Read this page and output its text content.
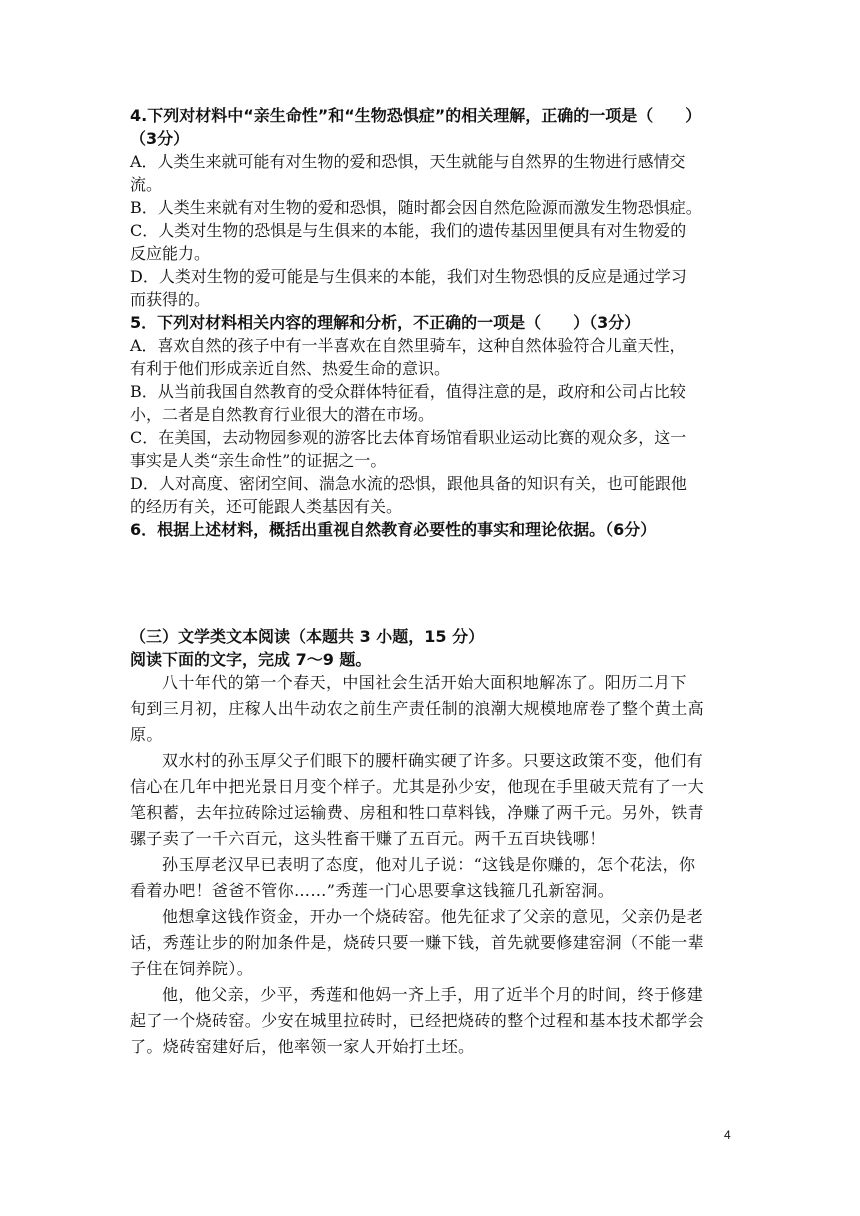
4.下列对材料中“亲生命性”和“生物恐惧症”的相关理解，正确的一项是（　　）
（3分）
A．人类生来就可能有对生物的爱和恐惧，天生就能与自然界的生物进行感情交
流。
B．人类生来就有对生物的爱和恐惧，随时都会因自然危险源而激发生物恐惧症。
C．人类对生物的恐惧是与生俱来的本能，我们的遗传基因里便具有对生物爱的
反应能力。
D．人类对生物的爱可能是与生俱来的本能，我们对生物恐惧的反应是通过学习
而获得的。
5．下列对材料相关内容的理解和分析，不正确的一项是（　　）（3分）
A．喜欢自然的孩子中有一半喜欢在自然里骑车，这种自然体验符合儿童天性，
有利于他们形成亲近自然、热爱生命的意识。
B．从当前我国自然教育的受众群体特征看，值得注意的是，政府和公司占比较
小，二者是自然教育行业很大的潜在市场。
C．在美国，去动物园参观的游客比去体育场馆看职业运动比赛的观众多，这一
事实是人类“亲生命性”的证据之一。
D．人对高度、密闭空间、湍急水流的恐惧，跟他具备的知识有关，也可能跟他
的经历有关，还可能跟人类基因有关。
6．根据上述材料，概括出重视自然教育必要性的事实和理论依据。（6分）
（三）文学类文本阅读（本题共 3 小题，15 分）
阅读下面的文字，完成 7～9 题。
八十年代的第一个春天，中国社会生活开始大面积地解冻了。阳历二月下
旬到三月初，庄稼人出牛动农之前生产责任制的浪潮大规模地席卷了整个黄土高
原。
双水村的孙玉厚父子们眼下的腰杆确实硬了许多。只要这政策不变，他们有
信心在几年中把光景日月变个样子。尤其是孙少安，他现在手里破天荒有了一大
笔积蓄，去年拉砖除过运输费、房租和牲口草料钱，净赚了两千元。另外，铁青
骡子卖了一千六百元，这头牲畜干赚了五百元。两千五百块钱哪！
孙玉厚老汉早已表明了态度，他对儿子说：“这钱是你赚的，怎个花法，你
看着办吧！爸爸不管你……”秀莲一门心思要拿这钱箍几孔新窑洞。
他想拿这钱作资金，开办一个烧砖窑。他先征求了父亲的意见，父亲仍是老
话，秀莲让步的附加条件是，烧砖只要一赚下钱，首先就要修建窑洞（不能一辈
子住在饲养院）。
他，他父亲，少平，秀莲和他妈一齐上手，用了近半个月的时间，终于修建
起了一个烧砖窑。少安在城里拉砖时，已经把烧砖的整个过程和基本技术都学会
了。烧砖窑建好后，他率领一家人开始打土坯。
4
